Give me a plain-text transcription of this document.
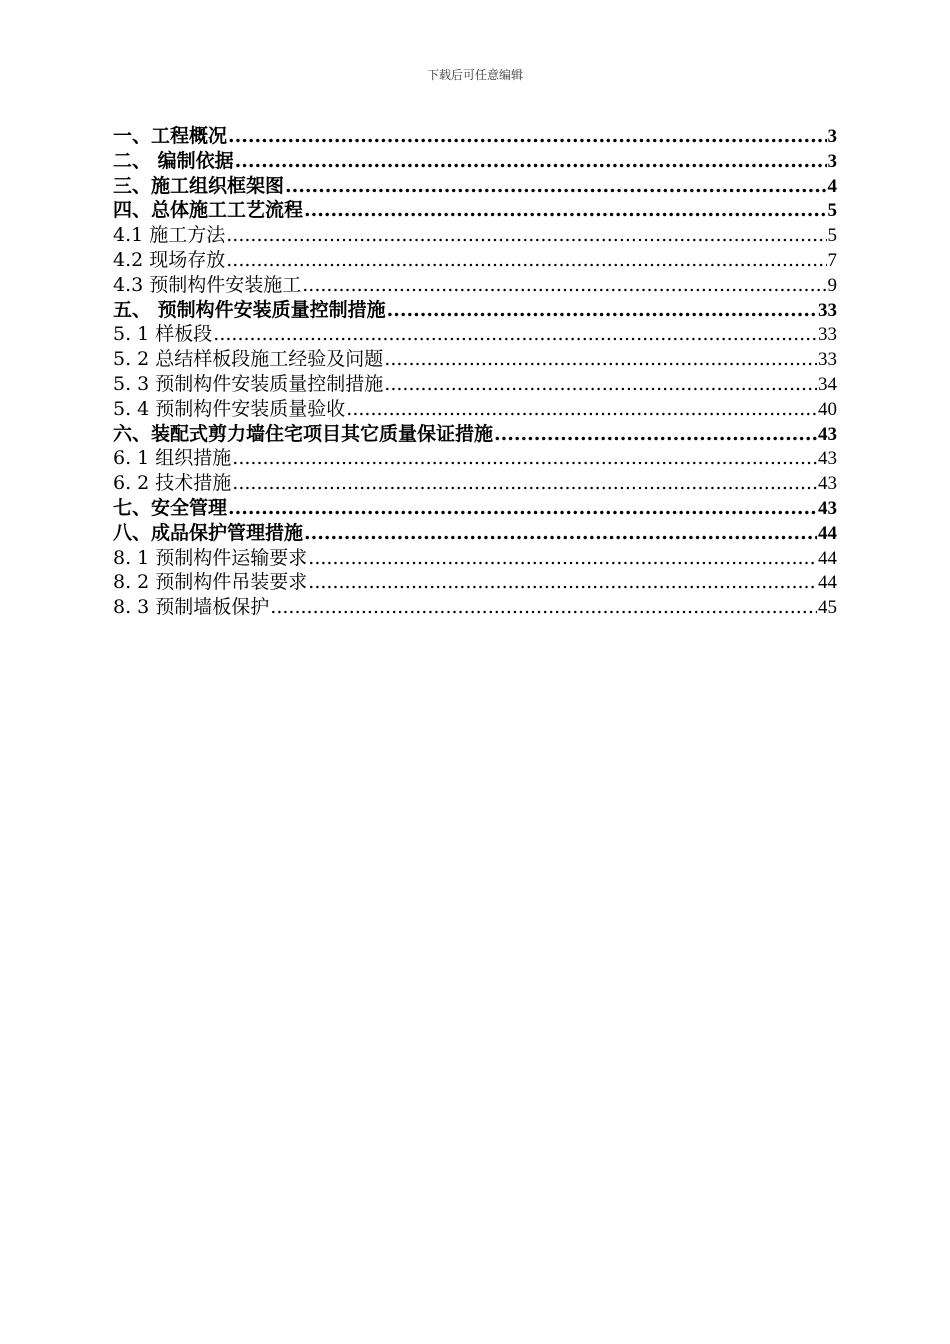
下载后可任意编辑
一、工程概况 .....	3
二、 编制依据 .....	3
三、施工组织框架图 .....	4
四、总体施工工艺流程 .....	5
4.1 施工方法 .....	5
4.2 现场存放 .....	7
4.3 预制构件安装施工 .....	9
五、 预制构件安装质量控制措施 .....	33
5. 1 样板段 .....	33
5. 2 总结样板段施工经验及问题 .....	33
5. 3 预制构件安装质量控制措施 .....	34
5. 4 预制构件安装质量验收 .....	40
六、装配式剪力墙住宅项目其它质量保证措施 .....	43
6. 1 组织措施 .....	43
6. 2 技术措施 .....	43
七、安全管理 .....	43
八、成品保护管理措施 .....	44
8. 1 预制构件运输要求 .....	44
8. 2 预制构件吊装要求 .....	44
8. 3 预制墙板保护 .....	45
